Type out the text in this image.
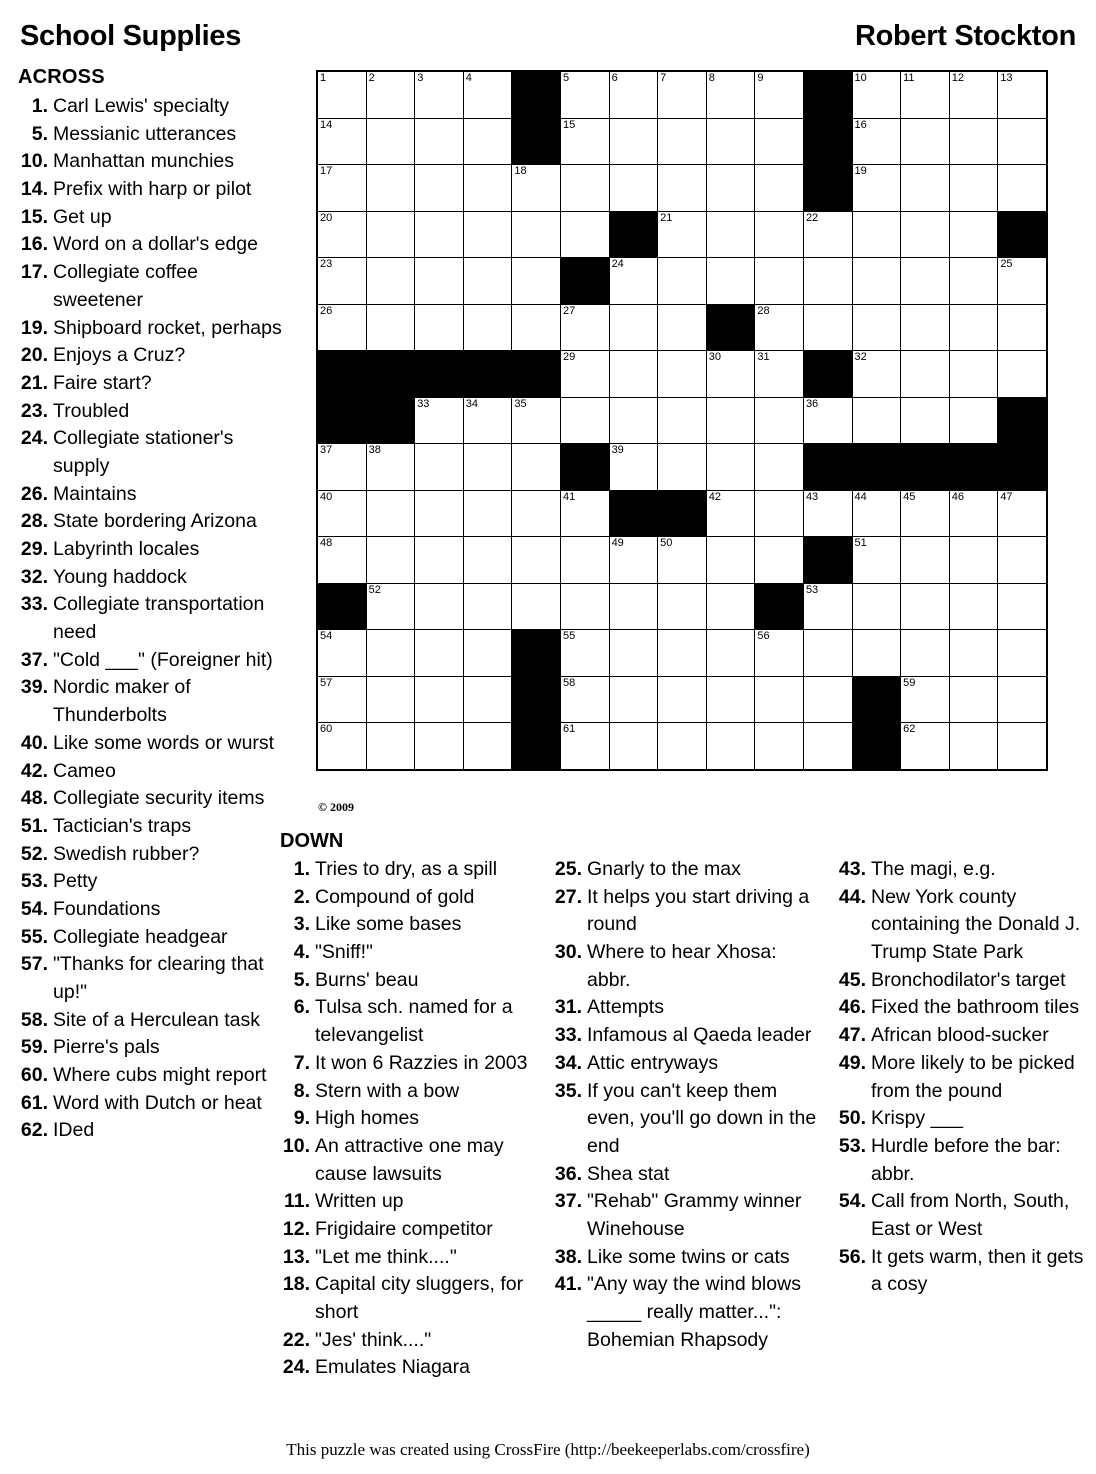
School Supplies	Robert Stockton
ACROSS
1. Carl Lewis' specialty
5. Messianic utterances
10. Manhattan munchies
14. Prefix with harp or pilot
15. Get up
16. Word on a dollar's edge
17. Collegiate coffee sweetener
19. Shipboard rocket, perhaps
20. Enjoys a Cruz?
21. Faire start?
23. Troubled
24. Collegiate stationer's supply
26. Maintains
28. State bordering Arizona
29. Labyrinth locales
32. Young haddock
33. Collegiate transportation need
37. "Cold ___" (Foreigner hit)
39. Nordic maker of Thunderbolts
40. Like some words or wurst
42. Cameo
48. Collegiate security items
51. Tactician's traps
52. Swedish rubber?
53. Petty
54. Foundations
55. Collegiate headgear
57. "Thanks for clearing that up!"
58. Site of a Herculean task
59. Pierre's pals
60. Where cubs might report
61. Word with Dutch or heat
62. IDed
1	2	3	4		5	6	7	8	9		10	11	12	13

14					15						16			

17				18							19			

20							21			22				

23						24								25

26					27				28					

					29			30	31		32			

		33	34	35						36				

37	38					39								

40					41			42		43	44	45	46	47

48						49	50				51			

	52									53				

54					55				56					

57					58							59		

60					61							62		

© 2009
DOWN
1. Tries to dry, as a spill
2. Compound of gold
3. Like some bases
4. "Sniff!"
5. Burns' beau
6. Tulsa sch. named for a televangelist
7. It won 6 Razzies in 2003
8. Stern with a bow
9. High homes
10. An attractive one may cause lawsuits
11. Written up
12. Frigidaire competitor
13. "Let me think...."
18. Capital city sluggers, for short
22. "Jes' think...."
24. Emulates Niagara
25. Gnarly to the max
27. It helps you start driving a round
30. Where to hear Xhosa: abbr.
31. Attempts
33. Infamous al Qaeda leader
34. Attic entryways
35. If you can't keep them even, you'll go down in the end
36. Shea stat
37. "Rehab" Grammy winner Winehouse
38. Like some twins or cats
41. "Any way the wind blows _____ really matter...": Bohemian Rhapsody
43. The magi, e.g.
44. New York county containing the Donald J. Trump State Park
45. Bronchodilator's target
46. Fixed the bathroom tiles
47. African blood-sucker
49. More likely to be picked from the pound
50. Krispy ___
53. Hurdle before the bar: abbr.
54. Call from North, South, East or West
56. It gets warm, then it gets a cosy
This puzzle was created using CrossFire (http://beekeeperlabs.com/crossfire)
